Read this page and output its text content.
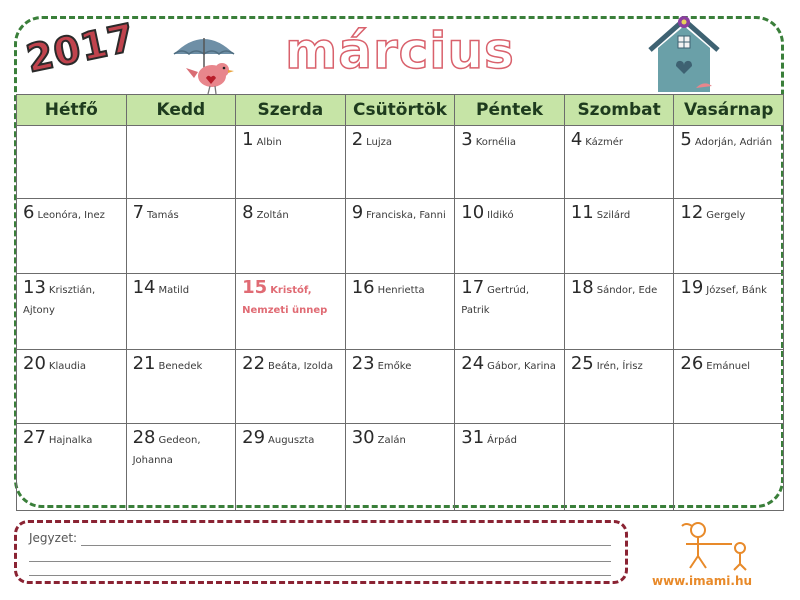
2017	március
Hétfő	Kedd	Szerda	Csütörtök	Péntek	Szombat	Vasárnap
		1 Albin	2 Lujza	3 Kornélia	4 Kázmér	5 Adorján, Adrián
6 Leonóra, Inez	7 Tamás	8 Zoltán	9 Franciska, Fanni	10 Ildikó	11 Szilárd	12 Gergely
13 Krisztián, Ajtony	14 Matild	15 Kristóf, Nemzeti ünnep	16 Henrietta	17 Gertrúd, Patrik	18 Sándor, Ede	19 József, Bánk
20 Klaudia	21 Benedek	22 Beáta, Izolda	23 Emőke	24 Gábor, Karina	25 Irén, Írisz	26 Emánuel
27 Hajnalka	28 Gedeon, Johanna	29 Auguszta	30 Zalán	31 Árpád		
Jegyzet:
www.imami.hu
